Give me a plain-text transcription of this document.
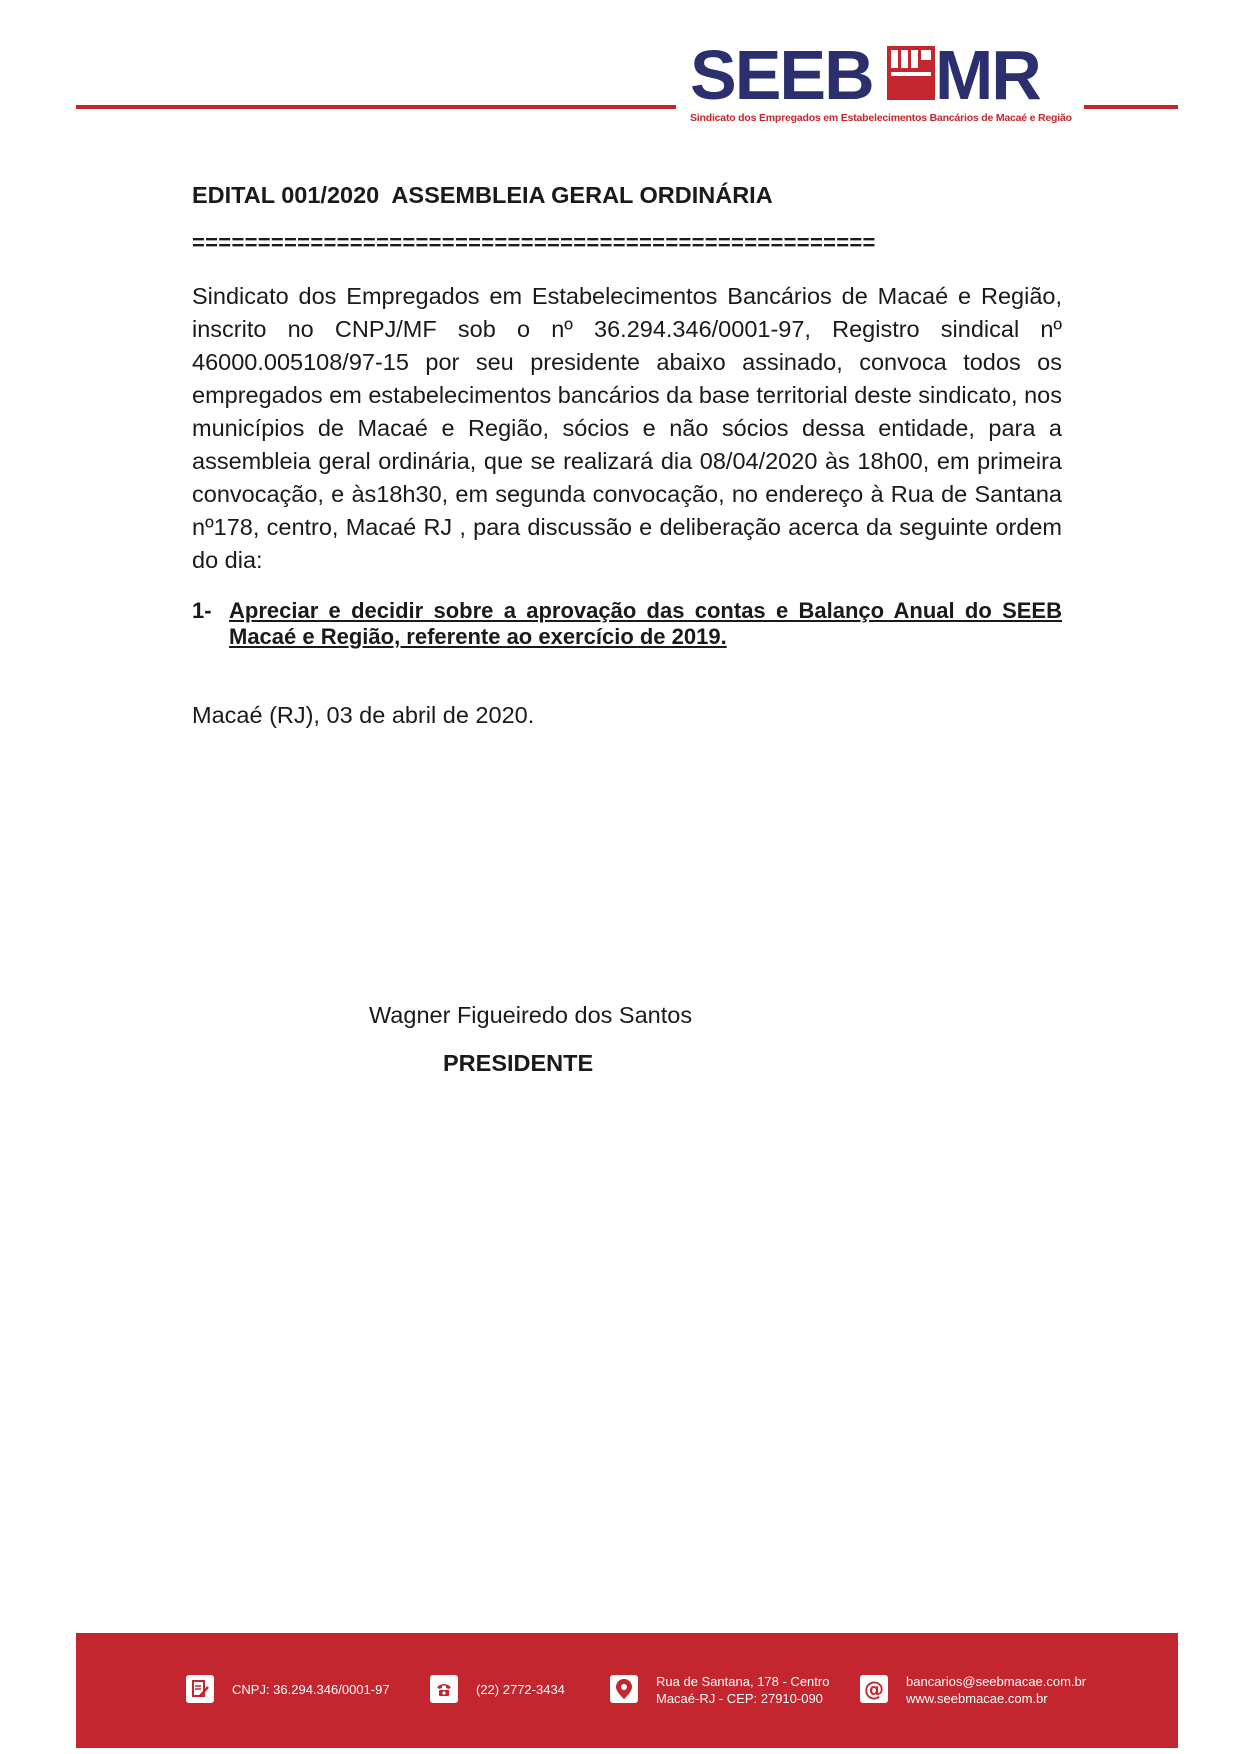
SEEB MR
Sindicato dos Empregados em Estabelecimentos Bancários de Macaé e Região
EDITAL 001/2020  ASSEMBLEIA GERAL ORDINÁRIA
====================================================
Sindicato dos Empregados em Estabelecimentos Bancários de Macaé e Região, inscrito no CNPJ/MF sob o nº 36.294.346/0001-97, Registro sindical nº 46000.005108/97-15 por seu presidente abaixo assinado, convoca todos os empregados em estabelecimentos bancários da base territorial deste sindicato, nos municípios de Macaé e Região, sócios e não sócios dessa entidade, para a assembleia geral ordinária, que se realizará dia 08/04/2020 às 18h00, em primeira convocação, e às18h30, em segunda convocação, no endereço à Rua de Santana nº178, centro, Macaé RJ , para discussão e deliberação acerca da seguinte ordem do dia:
1- Apreciar e decidir sobre a aprovação das contas e Balanço Anual do SEEB Macaé e Região, referente ao exercício de 2019.
Macaé (RJ), 03 de abril de 2020.
Wagner Figueiredo dos Santos
PRESIDENTE
CNPJ: 36.294.346/0001-97	(22) 2772-3434
Rua de Santana, 178 - Centro
Macaé-RJ - CEP: 27910-090 @ bancarios@seebmacae.com.br
www.seebmacae.com.br
